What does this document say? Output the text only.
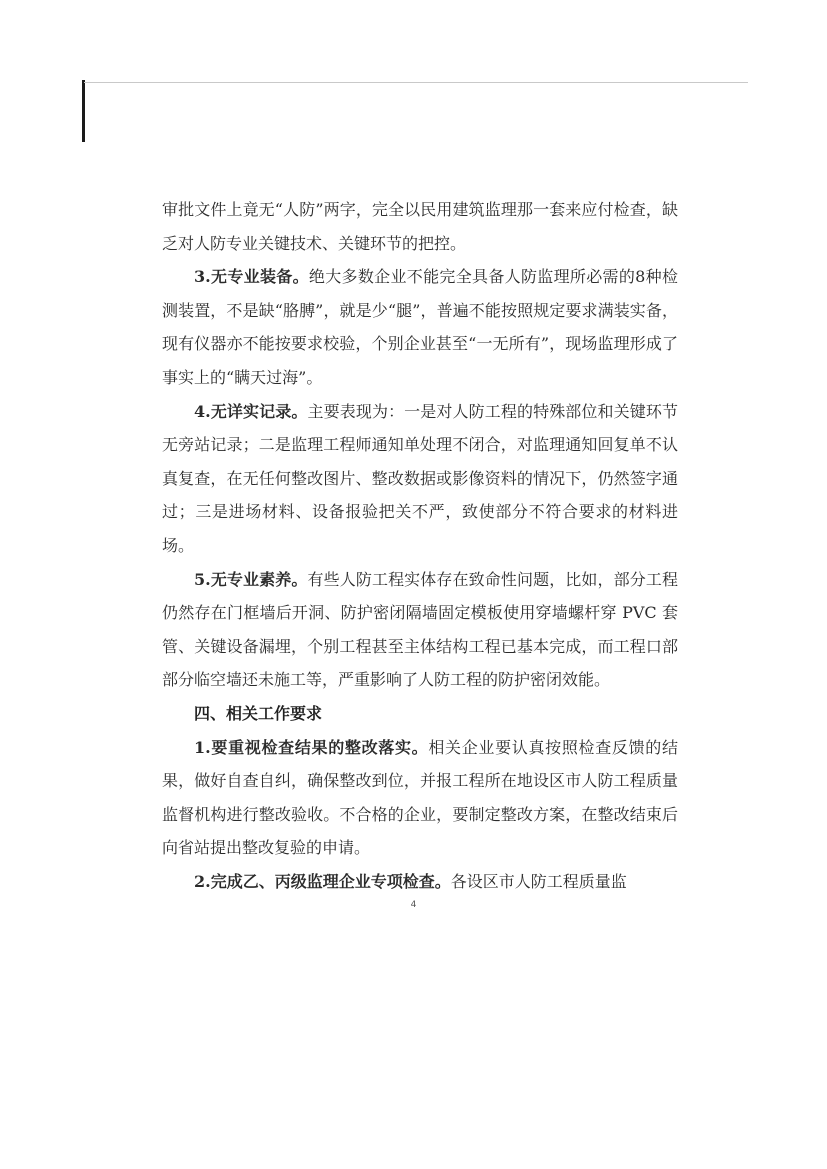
审批文件上竟无“人防”两字，完全以民用建筑监理那一套来应付检查，缺乏对人防专业关键技术、关键环节的把控。

3.无专业装备。绝大多数企业不能完全具备人防监理所必需的8种检测装置，不是缺“胳膊”，就是少“腿”，普遍不能按照规定要求满装实备，现有仪器亦不能按要求校验，个别企业甚至“一无所有”，现场监理形成了事实上的“瞒天过海”。

4.无详实记录。主要表现为：一是对人防工程的特殊部位和关键环节无旁站记录；二是监理工程师通知单处理不闭合，对监理通知回复单不认真复查，在无任何整改图片、整改数据或影像资料的情况下，仍然签字通过；三是进场材料、设备报验把关不严，致使部分不符合要求的材料进场。

5.无专业素养。有些人防工程实体存在致命性问题，比如，部分工程仍然存在门框墙后开洞、防护密闭隔墙固定模板使用穿墙螺杆穿 PVC 套管、关键设备漏埋，个别工程甚至主体结构工程已基本完成，而工程口部部分临空墙还未施工等，严重影响了人防工程的防护密闭效能。

四、相关工作要求

1.要重视检查结果的整改落实。相关企业要认真按照检查反馈的结果，做好自查自纠，确保整改到位，并报工程所在地设区市人防工程质量监督机构进行整改验收。不合格的企业，要制定整改方案，在整改结束后向省站提出整改复验的申请。

2.完成乙、丙级监理企业专项检查。各设区市人防工程质量监

4
